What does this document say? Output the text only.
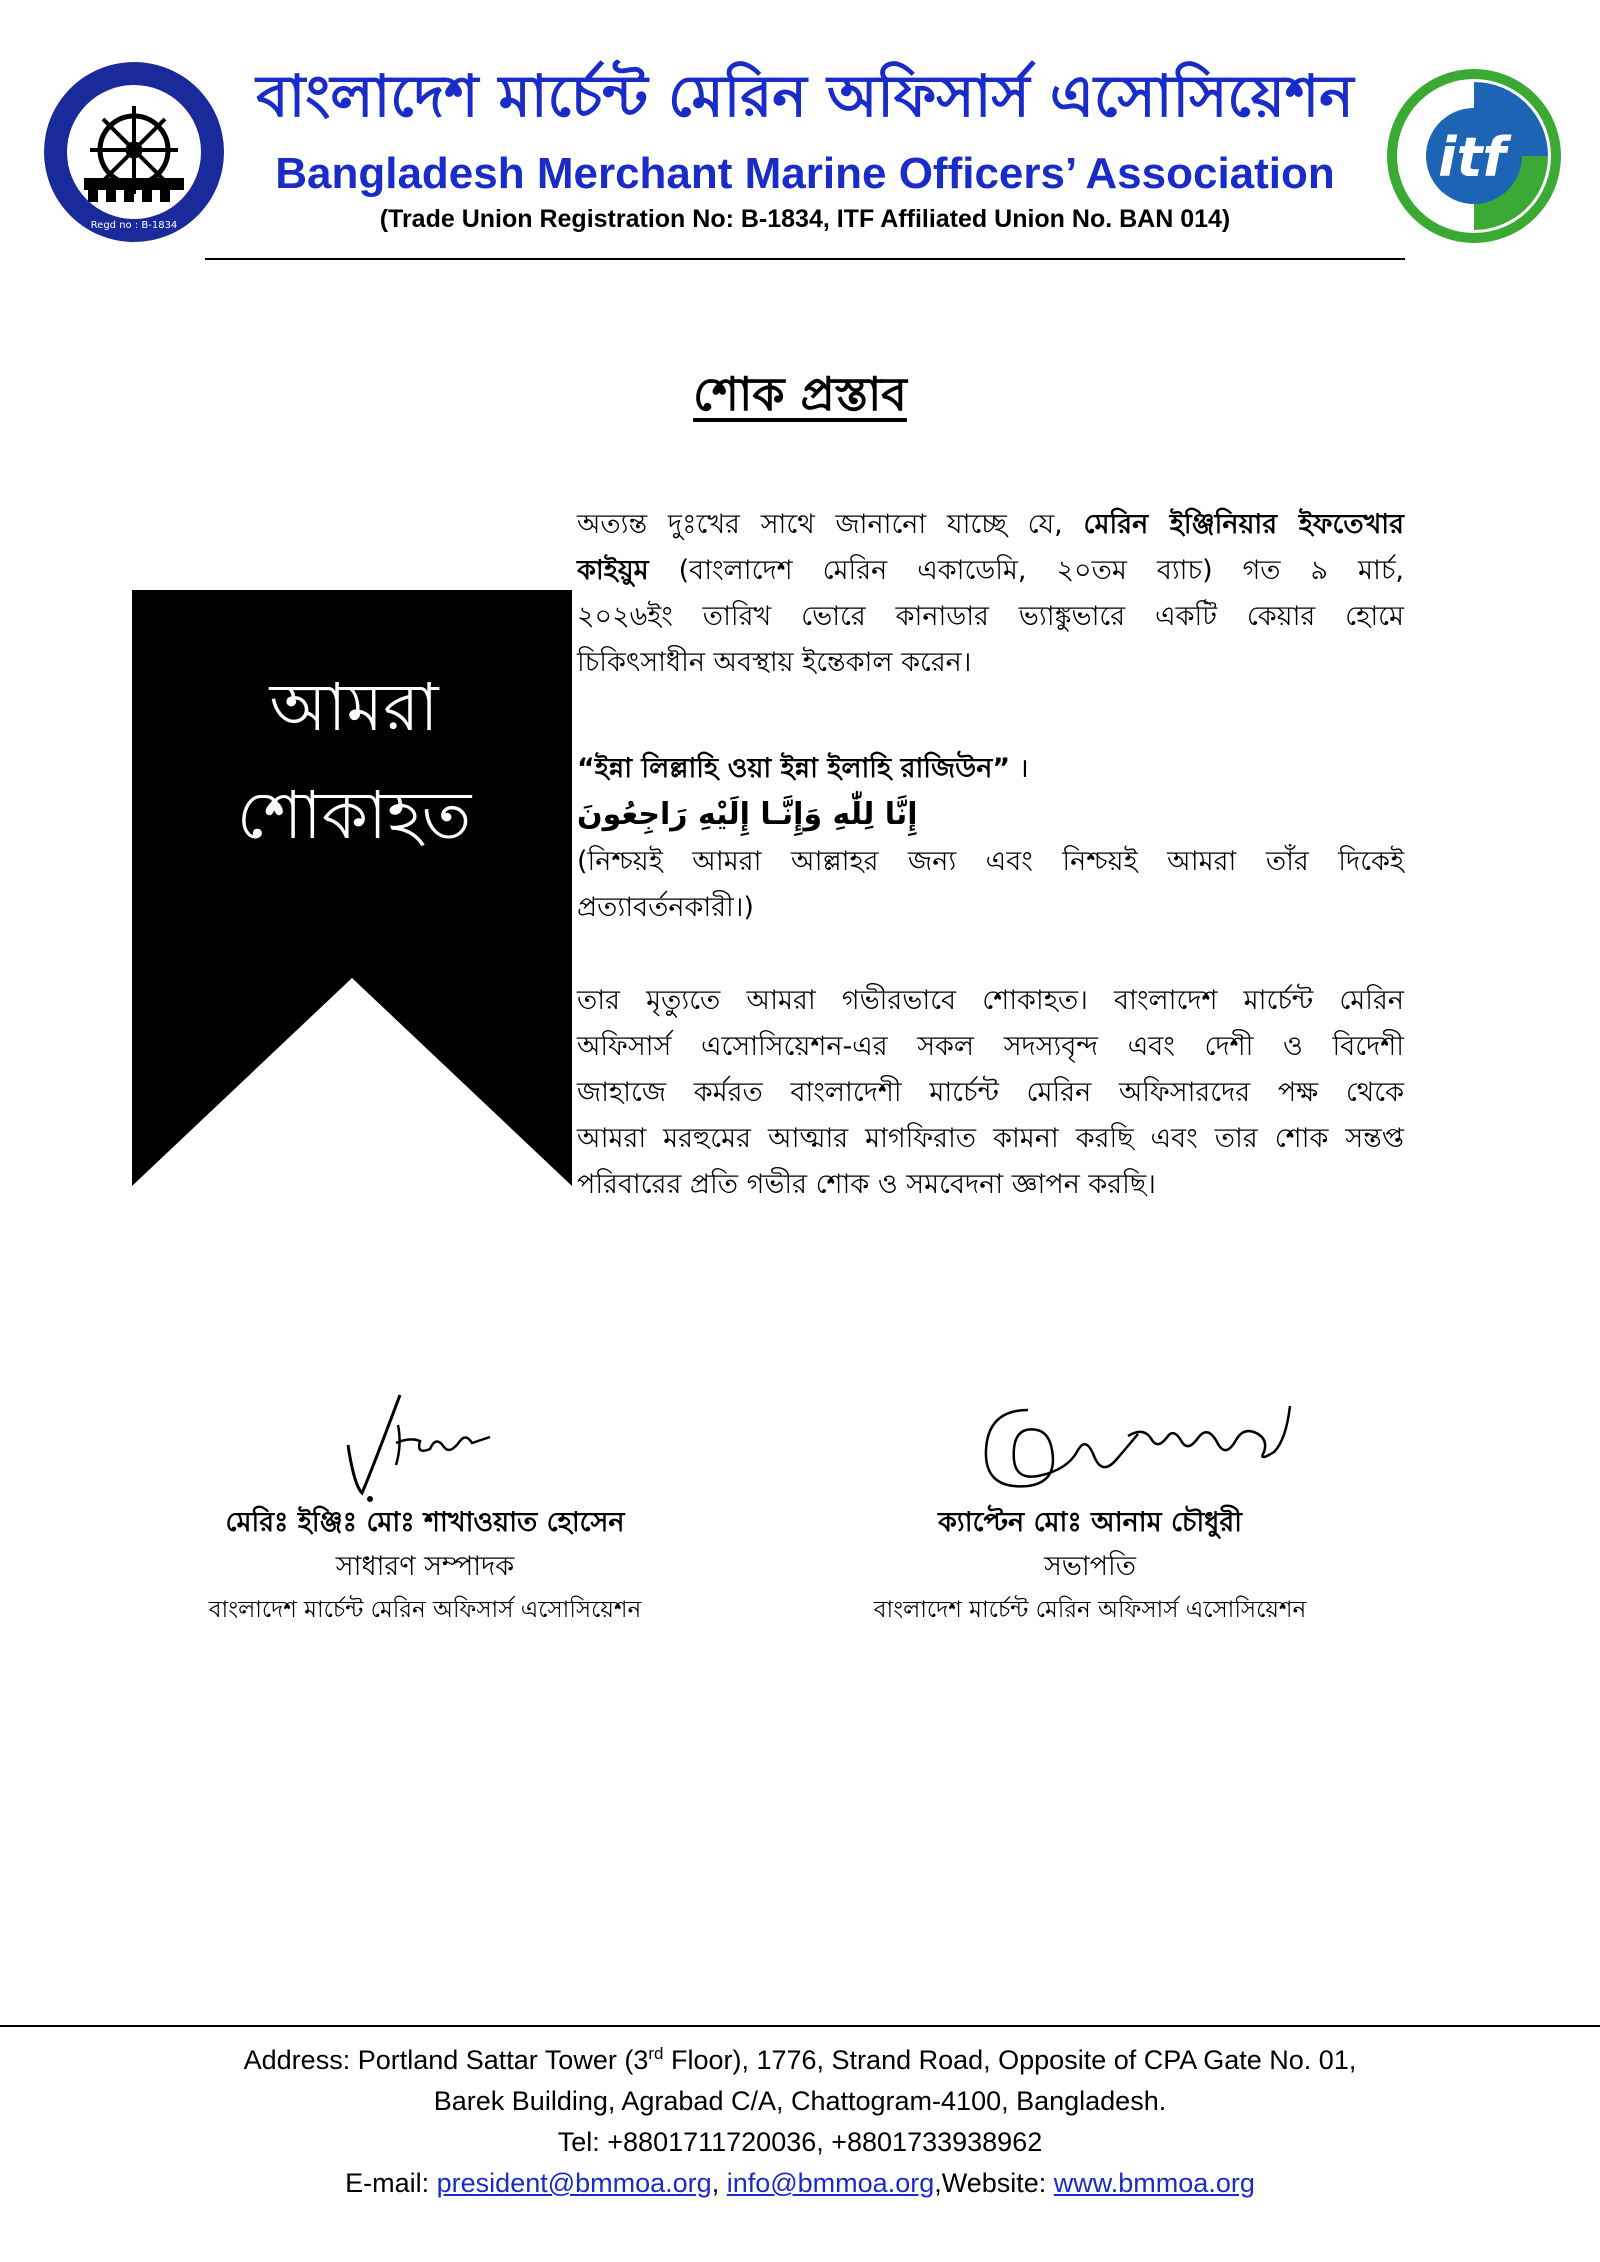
B
M
M
O
A
Regd no : B-1834
বাংলাদেশ মার্চেন্ট মেরিন অফিসার্স এসোসিয়েশন
Bangladesh Merchant Marine Officers’ Association
(Trade Union Registration No: B-1834, ITF Affiliated Union No. BAN 014)
itf
শোক প্রস্তাব
আমরা
শোকাহত
অত্যন্ত দুঃখের সাথে জানানো যাচ্ছে যে, মেরিন ইঞ্জিনিয়ার ইফতেখার
কাইয়ুম (বাংলাদেশ মেরিন একাডেমি, ২০তম ব্যাচ) গত ৯ মার্চ,
২০২৬ইং তারিখ ভোরে কানাডার ভ্যাঙ্কুভারে একটি কেয়ার হোমে
চিকিৎসাধীন অবস্থায় ইন্তেকাল করেন।
“ইন্না লিল্লাহি ওয়া ইন্না ইলাহি রাজিউন” ।
إِنَّا لِلّٰهِ وَإِنَّـا إِلَيْهِ رَاجِعُونَ
(নিশ্চয়ই আমরা আল্লাহর জন্য এবং নিশ্চয়ই আমরা তাঁর দিকেই
প্রত্যাবর্তনকারী।)
তার মৃত্যুতে আমরা গভীরভাবে শোকাহত। বাংলাদেশ মার্চেন্ট মেরিন
অফিসার্স এসোসিয়েশন-এর সকল সদস্যবৃন্দ এবং দেশী ও বিদেশী
জাহাজে কর্মরত বাংলাদেশী মার্চেন্ট মেরিন অফিসারদের পক্ষ থেকে
আমরা মরহুমের আত্মার মাগফিরাত কামনা করছি এবং তার শোক সন্তপ্ত
পরিবারের প্রতি গভীর শোক ও সমবেদনা জ্ঞাপন করছি।
মেরিঃ ইঞ্জিঃ মোঃ শাখাওয়াত হোসেন
সাধারণ সম্পাদক
বাংলাদেশ মার্চেন্ট মেরিন অফিসার্স এসোসিয়েশন
ক্যাপ্টেন মোঃ আনাম চৌধুরী
সভাপতি
বাংলাদেশ মার্চেন্ট মেরিন অফিসার্স এসোসিয়েশন
Address: Portland Sattar Tower (3rd Floor), 1776, Strand Road, Opposite of CPA Gate No. 01,
Barek Building, Agrabad C/A, Chattogram-4100, Bangladesh.
Tel: +8801711720036, +8801733938962
E-mail: president@bmmoa.org, info@bmmoa.org,Website: www.bmmoa.org
